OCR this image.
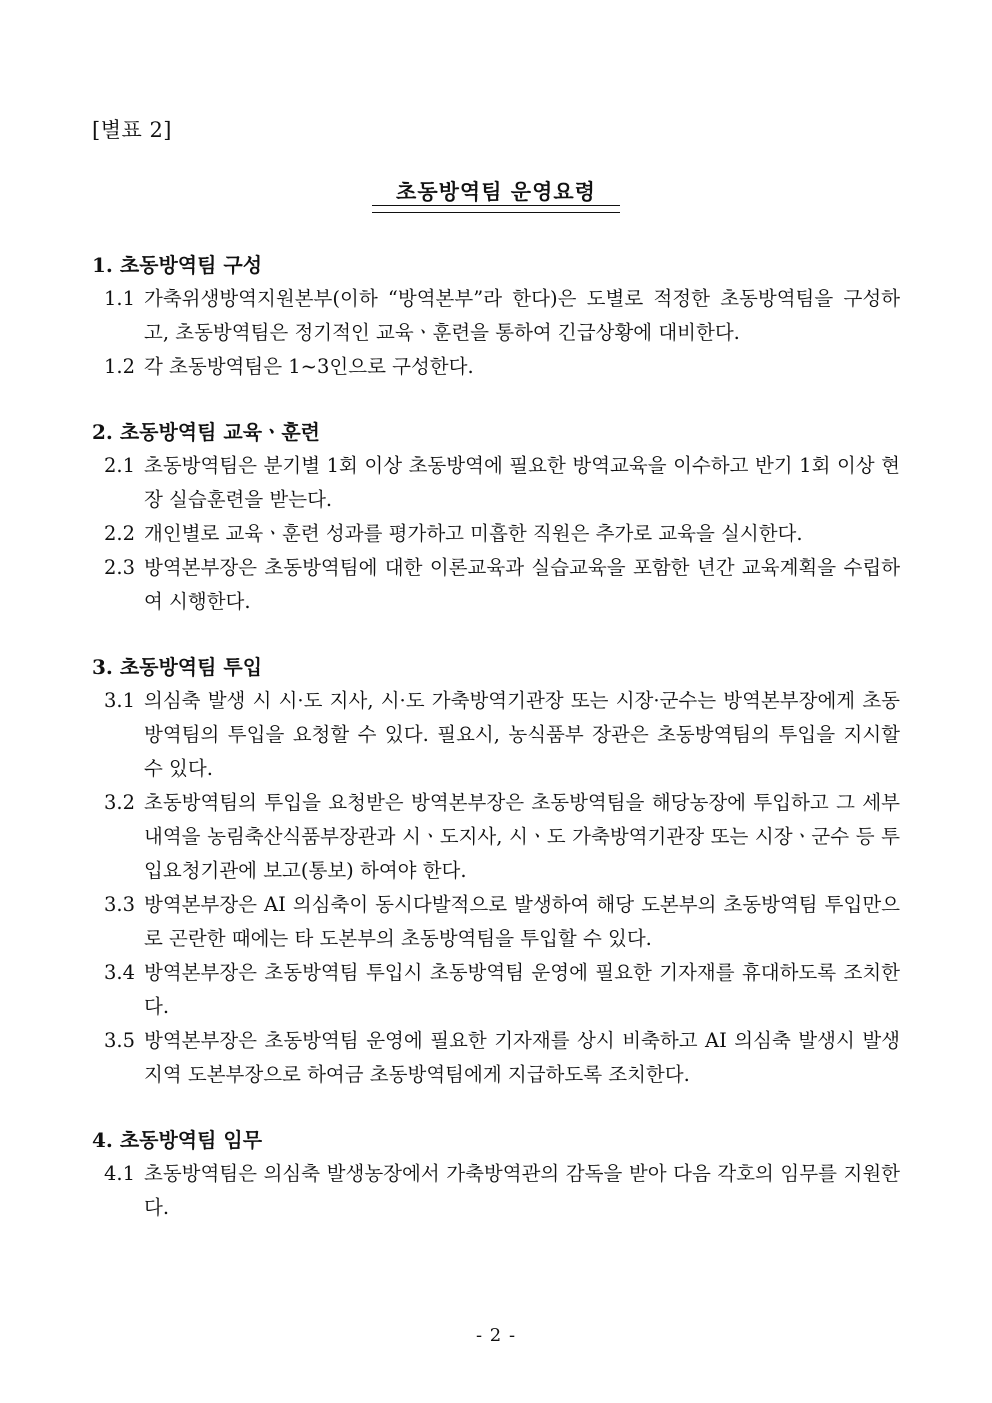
[별표 2]
초동방역팀 운영요령
1. 초동방역팀 구성
1.1 가축위생방역지원본부(이하 “방역본부”라 한다)은 도별로 적정한 초동방역팀을 구성하고, 초동방역팀은 정기적인 교육ㆍ훈련을 통하여 긴급상황에 대비한다.
1.2 각 초동방역팀은 1~3인으로 구성한다.
2. 초동방역팀 교육ㆍ훈련
2.1 초동방역팀은 분기별 1회 이상 초동방역에 필요한 방역교육을 이수하고 반기 1회 이상 현장 실습훈련을 받는다.
2.2 개인별로 교육ㆍ훈련 성과를 평가하고 미흡한 직원은 추가로 교육을 실시한다.
2.3 방역본부장은 초동방역팀에 대한 이론교육과 실습교육을 포함한 년간 교육계획을 수립하여 시행한다.
3. 초동방역팀 투입
3.1 의심축 발생 시 시·도 지사, 시·도 가축방역기관장 또는 시장·군수는 방역본부장에게 초동방역팀의 투입을 요청할 수 있다. 필요시, 농식품부 장관은 초동방역팀의 투입을 지시할 수 있다.
3.2 초동방역팀의 투입을 요청받은 방역본부장은 초동방역팀을 해당농장에 투입하고 그 세부내역을 농림축산식품부장관과 시ㆍ도지사, 시ㆍ도 가축방역기관장 또는 시장ㆍ군수 등 투입요청기관에 보고(통보) 하여야 한다.
3.3 방역본부장은 AI 의심축이 동시다발적으로 발생하여 해당 도본부의 초동방역팀 투입만으로 곤란한 때에는 타 도본부의 초동방역팀을 투입할 수 있다.
3.4 방역본부장은 초동방역팀 투입시 초동방역팀 운영에 필요한 기자재를 휴대하도록 조치한다.
3.5 방역본부장은 초동방역팀 운영에 필요한 기자재를 상시 비축하고 AI 의심축 발생시 발생지역 도본부장으로 하여금 초동방역팀에게 지급하도록 조치한다.
4. 초동방역팀 임무
4.1 초동방역팀은 의심축 발생농장에서 가축방역관의 감독을 받아 다음 각호의 임무를 지원한다.
- 2 -
